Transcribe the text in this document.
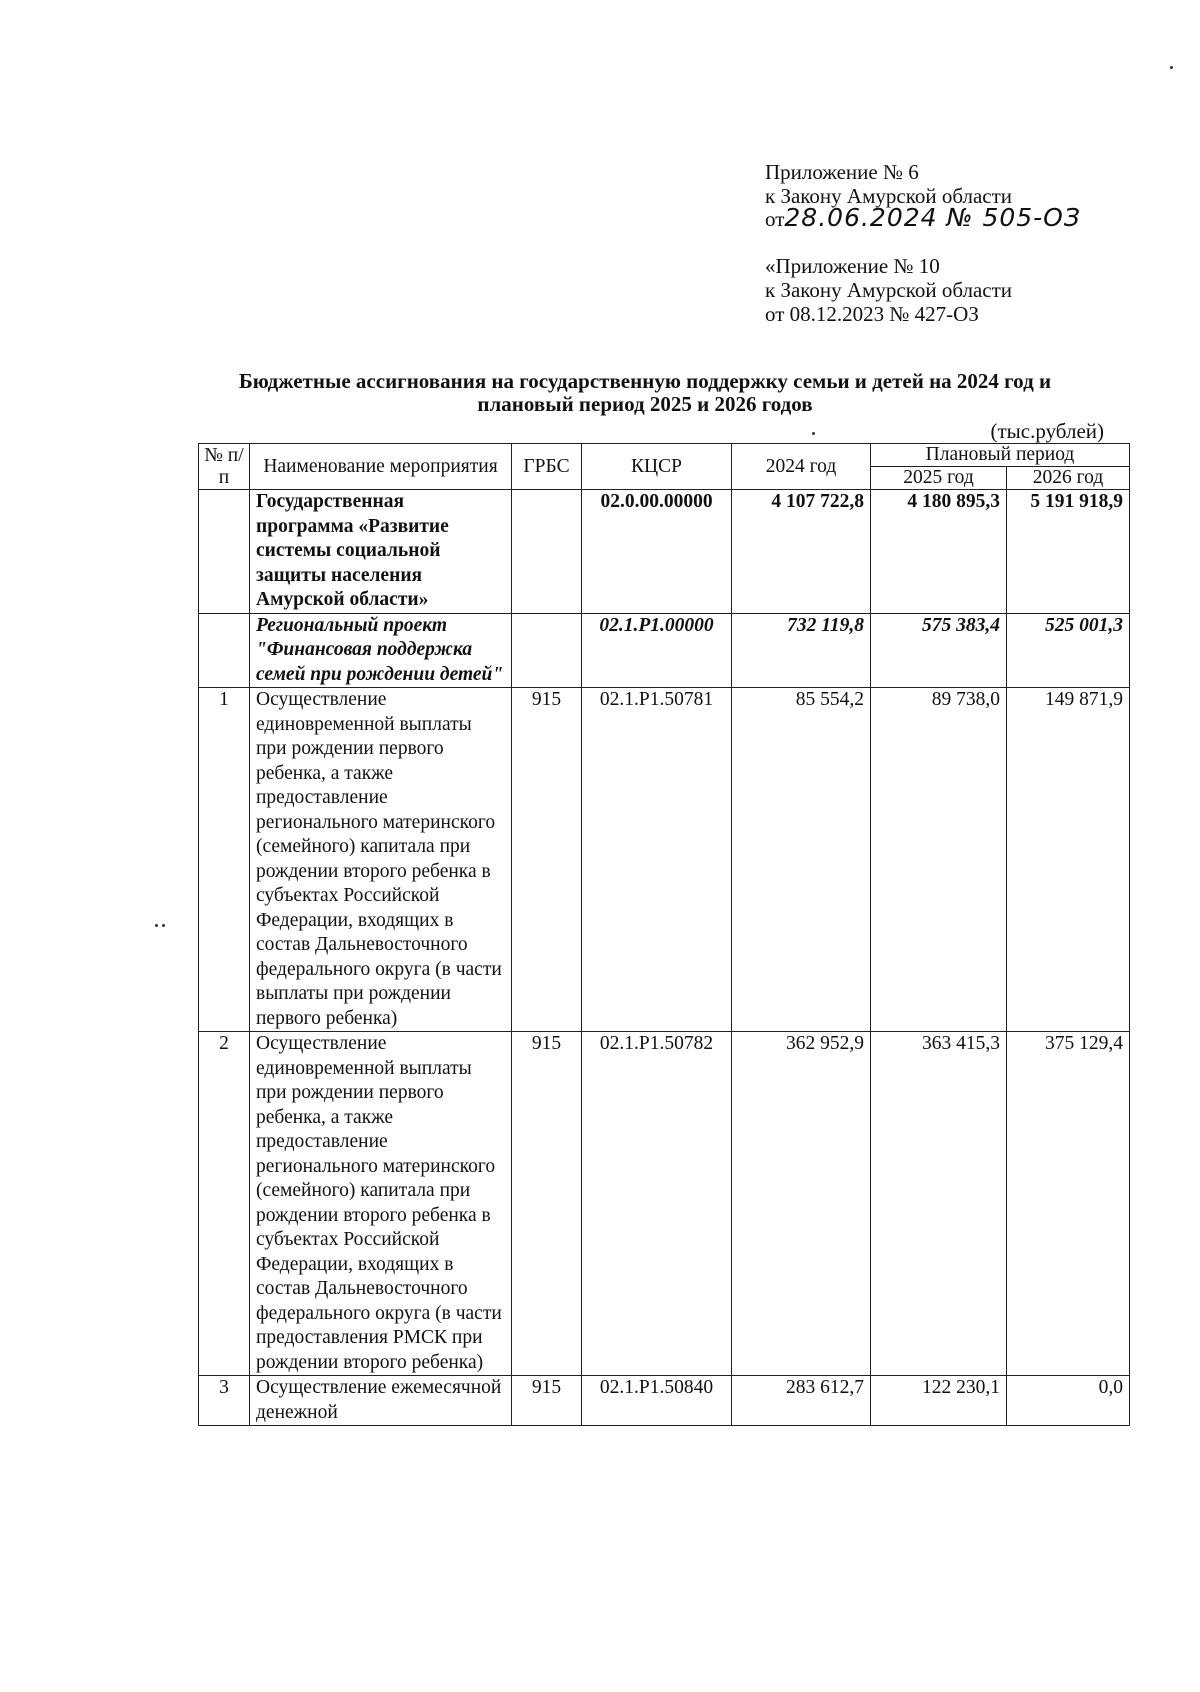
Приложение № 6
к Закону Амурской области
от28.06.2024 № 505-ОЗ
«Приложение № 10
к Закону Амурской области
от 08.12.2023 № 427-ОЗ
Бюджетные ассигнования на государственную поддержку семьи и детей на 2024 год и
плановый период 2025 и 2026 годов
(тыс.рублей)
№ п/п	Наименование мероприятия	ГРБС	КЦСР	2024 год	Плановый период	
					2025 год	2026 год
	Государственная программа «Развитие системы социальной защиты населения Амурской области»		02.0.00.00000	4 107 722,8	4 180 895,3	5 191 918,9
	Региональный проект "Финансовая поддержка семей при рождении детей"		02.1.P1.00000	732 119,8	575 383,4	525 001,3
1	Осуществление единовременной выплаты при рождении первого ребенка, а также предоставление регионального материнского (семейного) капитала при рождении второго ребенка в субъектах Российской Федерации, входящих в состав Дальневосточного федерального округа (в части выплаты при рождении первого ребенка)	915	02.1.P1.50781	85 554,2	89 738,0	149 871,9
2	Осуществление единовременной выплаты при рождении первого ребенка, а также предоставление регионального материнского (семейного) капитала при рождении второго ребенка в субъектах Российской Федерации, входящих в состав Дальневосточного федерального округа (в части предоставления РМСК при рождении второго ребенка)	915	02.1.P1.50782	362 952,9	363 415,3	375 129,4
3	Осуществление ежемесячной денежной	915	02.1.P1.50840	283 612,7	122 230,1	0,0
